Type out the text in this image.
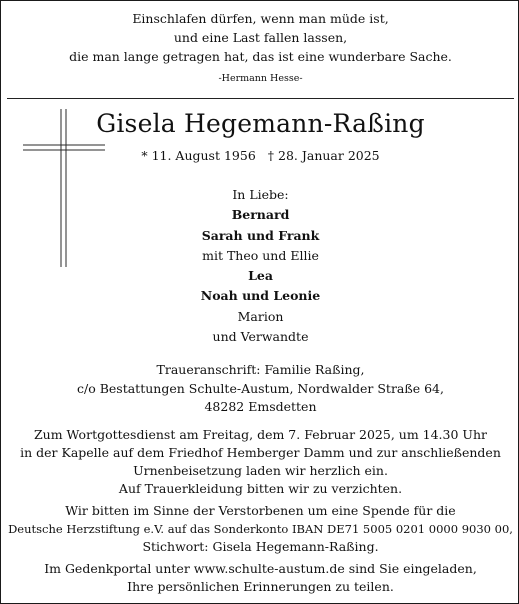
Einschlafen dürfen, wenn man müde ist,
und eine Last fallen lassen,
die man lange getragen hat, das ist eine wunderbare Sache.
-Hermann Hesse-
Gisela Hegemann-Raßing
* 11. August 1956 † 28. Januar 2025
In Liebe:
Bernard
Sarah und Frank
mit Theo und Ellie
Lea
Noah und Leonie
Marion
und Verwandte
Traueranschrift: Familie Raßing,
c/o Bestattungen Schulte-Austum, Nordwalder Straße 64,
48282 Emsdetten
Zum Wortgottesdienst am Freitag, dem 7. Februar 2025, um 14.30 Uhr
in der Kapelle auf dem Friedhof Hemberger Damm und zur anschließenden
Urnenbeisetzung laden wir herzlich ein.
Auf Trauerkleidung bitten wir zu verzichten.
Wir bitten im Sinne der Verstorbenen um eine Spende für die
Deutsche Herzstiftung e.V. auf das Sonderkonto IBAN DE71 5005 0201 0000 9030 00,
Stichwort: Gisela Hegemann-Raßing.
Im Gedenkportal unter www.schulte-austum.de sind Sie eingeladen,
Ihre persönlichen Erinnerungen zu teilen.
